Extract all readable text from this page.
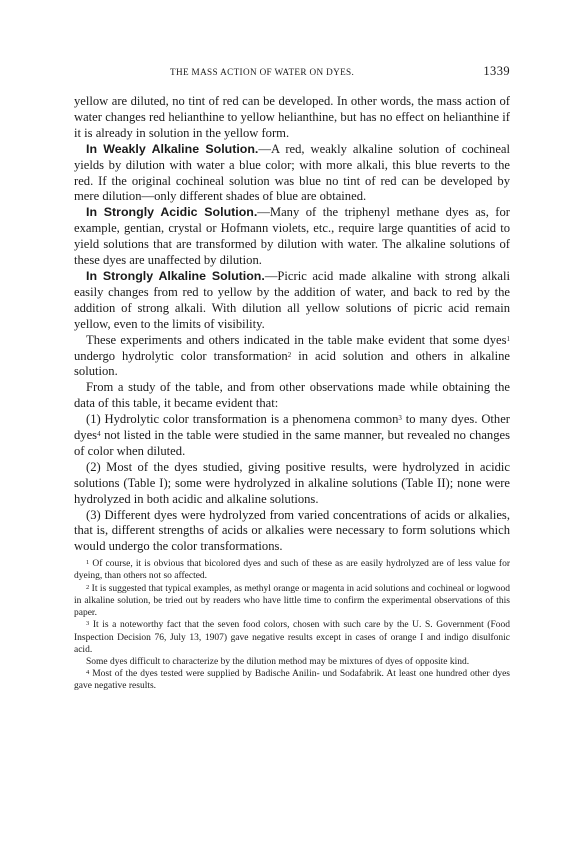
THE MASS ACTION OF WATER ON DYES.	1339

yellow are diluted, no tint of red can be developed. In other words, the mass action of water changes red helianthine to yellow helianthine, but has no effect on helianthine if it is already in solution in the yellow form.

In Weakly Alkaline Solution.—A red, weakly alkaline solution of cochineal yields by dilution with water a blue color; with more alkali, this blue reverts to the red. If the original cochineal solution was blue no tint of red can be developed by mere dilution—only different shades of blue are obtained.

In Strongly Acidic Solution.—Many of the triphenyl methane dyes as, for example, gentian, crystal or Hofmann violets, etc., require large quantities of acid to yield solutions that are transformed by dilution with water. The alkaline solutions of these dyes are unaffected by dilution.

In Strongly Alkaline Solution.—Picric acid made alkaline with strong alkali easily changes from red to yellow by the addition of water, and back to red by the addition of strong alkali. With dilution all yellow solutions of picric acid remain yellow, even to the limits of visibility.

These experiments and others indicated in the table make evident that some dyes$^1$ undergo hydrolytic color transformation$^2$ in acid solution and others in alkaline solution.

From a study of the table, and from other observations made while obtaining the data of this table, it became evident that:

(1) Hydrolytic color transformation is a phenomena common$^3$ to many dyes. Other dyes$^4$ not listed in the table were studied in the same manner, but revealed no changes of color when diluted.

(2) Most of the dyes studied, giving positive results, were hydrolyzed in acidic solutions (Table I); some were hydrolyzed in alkaline solutions (Table II); none were hydrolyzed in both acidic and alkaline solutions.

(3) Different dyes were hydrolyzed from varied concentrations of acids or alkalies, that is, different strengths of acids or alkalies were necessary to form solutions which would undergo the color transformations.

$^1$ Of course, it is obvious that bicolored dyes and such of these as are easily hydrolyzed are of less value for dyeing, than others not so affected.

$^2$ It is suggested that typical examples, as methyl orange or magenta in acid solutions and cochineal or logwood in alkaline solution, be tried out by readers who have little time to confirm the experimental observations of this paper.

$^3$ It is a noteworthy fact that the seven food colors, chosen with such care by the U. S. Government (Food Inspection Decision 76, July 13, 1907) gave negative results except in cases of orange I and indigo disulfonic acid.

Some dyes difficult to characterize by the dilution method may be mixtures of dyes of opposite kind.

$^4$ Most of the dyes tested were supplied by Badische Anilin- und Sodafabrik. At least one hundred other dyes gave negative results.
